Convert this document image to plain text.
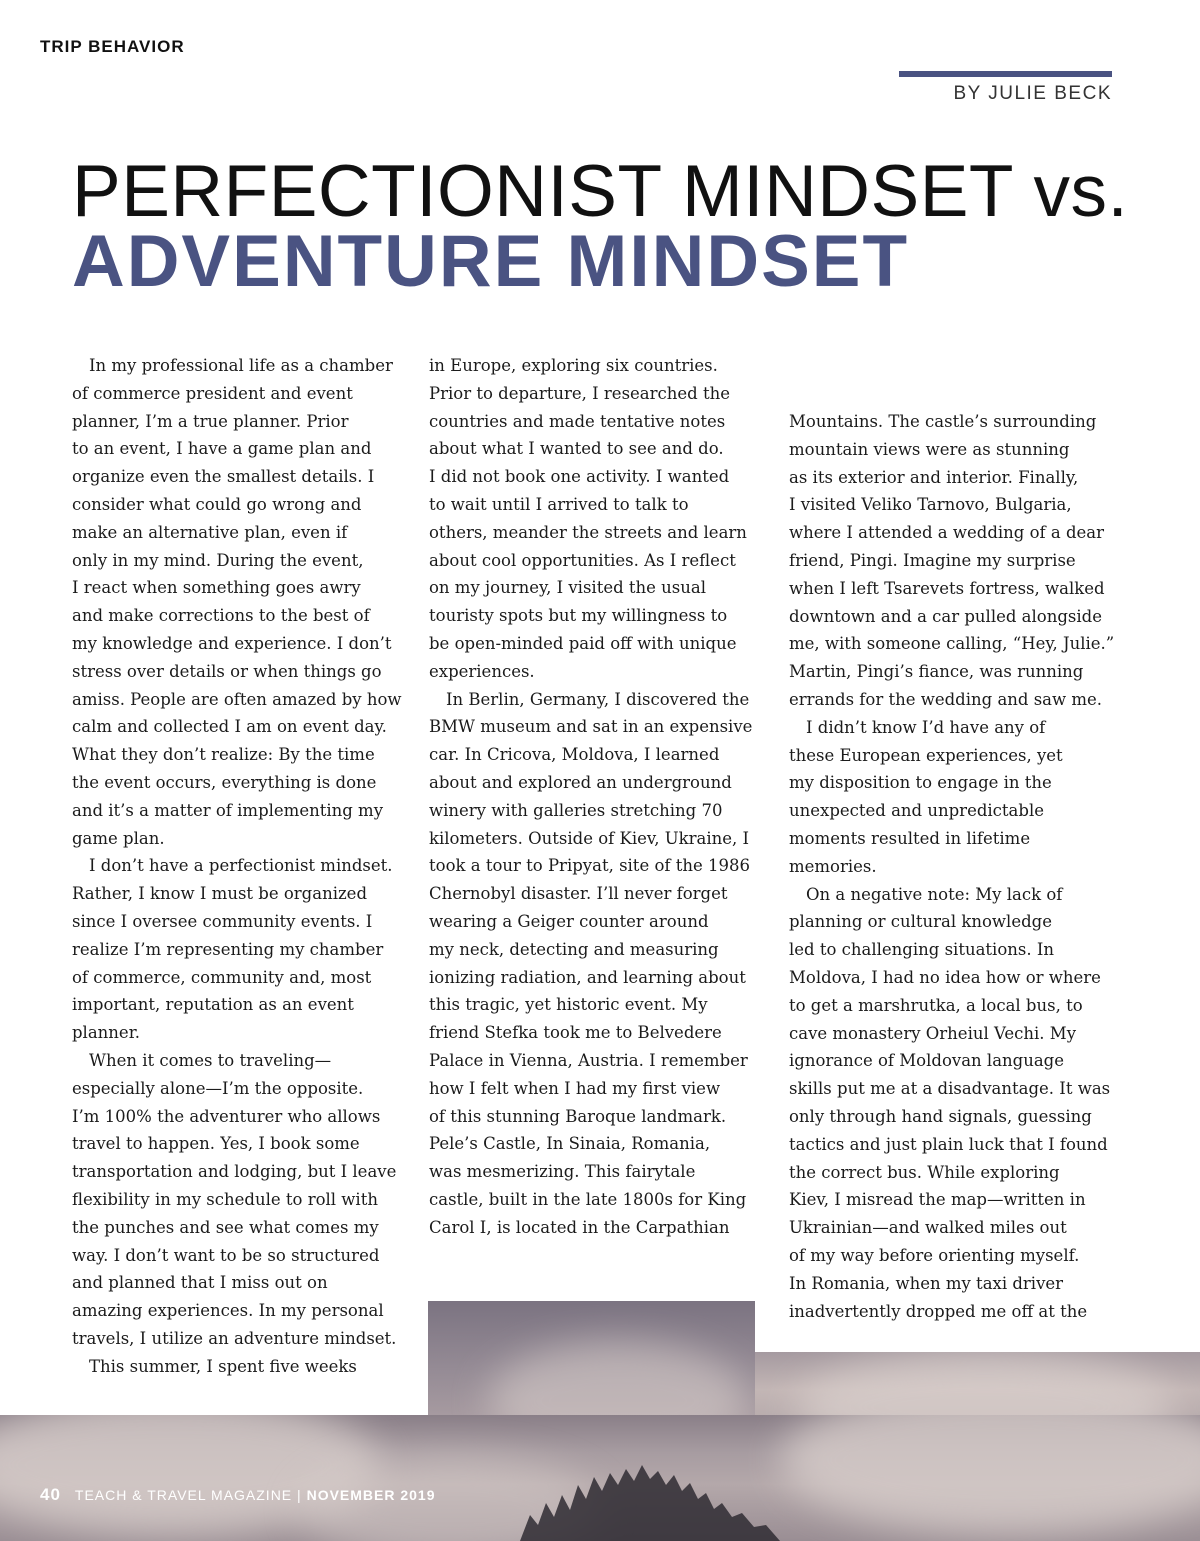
TRIP BEHAVIOR
BY JULIE BECK
PERFECTIONIST MINDSET vs.
ADVENTURE MINDSET
In my professional life as a chamber
of commerce president and event
planner, I’m a true planner. Prior
to an event, I have a game plan and
organize even the smallest details. I
consider what could go wrong and
make an alternative plan, even if
only in my mind. During the event,
I react when something goes awry
and make corrections to the best of
my knowledge and experience. I don’t
stress over details or when things go
amiss. People are often amazed by how
calm and collected I am on event day.
What they don’t realize: By the time
the event occurs, everything is done
and it’s a matter of implementing my
game plan.
I don’t have a perfectionist mindset.
Rather, I know I must be organized
since I oversee community events. I
realize I’m representing my chamber
of commerce, community and, most
important, reputation as an event
planner.
When it comes to traveling—
especially alone—I’m the opposite.
I’m 100% the adventurer who allows
travel to happen. Yes, I book some
transportation and lodging, but I leave
flexibility in my schedule to roll with
the punches and see what comes my
way. I don’t want to be so structured
and planned that I miss out on
amazing experiences. In my personal
travels, I utilize an adventure mindset.
This summer, I spent five weeks
in Europe, exploring six countries.
Prior to departure, I researched the
countries and made tentative notes
about what I wanted to see and do.
I did not book one activity. I wanted
to wait until I arrived to talk to
others, meander the streets and learn
about cool opportunities. As I reflect
on my journey, I visited the usual
touristy spots but my willingness to
be open-minded paid off with unique
experiences.
In Berlin, Germany, I discovered the
BMW museum and sat in an expensive
car. In Cricova, Moldova, I learned
about and explored an underground
winery with galleries stretching 70
kilometers. Outside of Kiev, Ukraine, I
took a tour to Pripyat, site of the 1986
Chernobyl disaster. I’ll never forget
wearing a Geiger counter around
my neck, detecting and measuring
ionizing radiation, and learning about
this tragic, yet historic event. My
friend Stefka took me to Belvedere
Palace in Vienna, Austria. I remember
how I felt when I had my first view
of this stunning Baroque landmark.
Pele’s Castle, In Sinaia, Romania,
was mesmerizing. This fairytale
castle, built in the late 1800s for King
Carol I, is located in the Carpathian
Mountains. The castle’s surrounding
mountain views were as stunning
as its exterior and interior. Finally,
I visited Veliko Tarnovo, Bulgaria,
where I attended a wedding of a dear
friend, Pingi. Imagine my surprise
when I left Tsarevets fortress, walked
downtown and a car pulled alongside
me, with someone calling, “Hey, Julie.”
Martin, Pingi’s fiance, was running
errands for the wedding and saw me.
I didn’t know I’d have any of
these European experiences, yet
my disposition to engage in the
unexpected and unpredictable
moments resulted in lifetime
memories.
On a negative note: My lack of
planning or cultural knowledge
led to challenging situations. In
Moldova, I had no idea how or where
to get a marshrutka, a local bus, to
cave monastery Orheiul Vechi. My
ignorance of Moldovan language
skills put me at a disadvantage. It was
only through hand signals, guessing
tactics and just plain luck that I found
the correct bus. While exploring
Kiev, I misread the map—written in
Ukrainian—and walked miles out
of my way before orienting myself.
In Romania, when my taxi driver
inadvertently dropped me off at the
40 TEACH & TRAVEL MAGAZINE | NOVEMBER 2019
